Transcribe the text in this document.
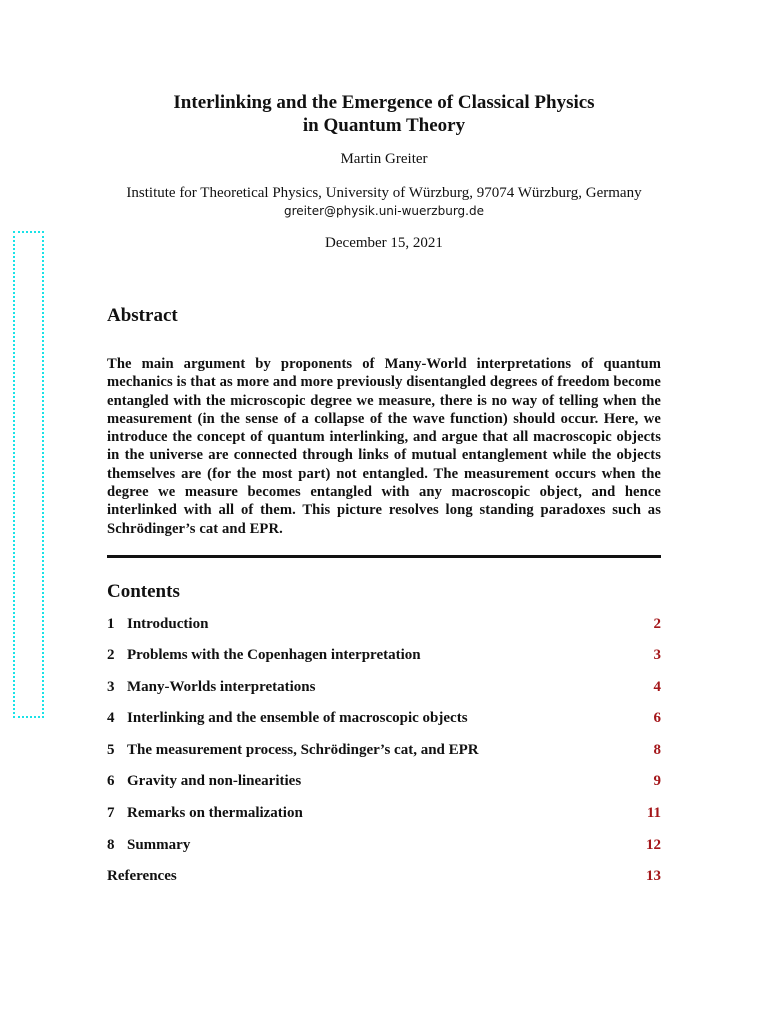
Interlinking and the Emergence of Classical Physics
in Quantum Theory
Martin Greiter
Institute for Theoretical Physics, University of Würzburg, 97074 Würzburg, Germany
greiter@physik.uni-wuerzburg.de
December 15, 2021
Abstract
The main argument by proponents of Many-World interpretations of quantum mechanics is that as more and more previously disentangled degrees of freedom become entangled with the microscopic degree we measure, there is no way of telling when the measurement (in the sense of a collapse of the wave function) should occur. Here, we introduce the concept of quantum interlinking, and argue that all macroscopic objects in the universe are connected through links of mutual entanglement while the objects themselves are (for the most part) not entangled. The measurement occurs when the degree we measure becomes entangled with any macroscopic object, and hence interlinked with all of them. This picture resolves long standing paradoxes such as Schrödinger’s cat and EPR.
Contents
1 Introduction	2
2 Problems with the Copenhagen interpretation	3
3 Many-Worlds interpretations	4
4 Interlinking and the ensemble of macroscopic objects	6
5 The measurement process, Schrödinger’s cat, and EPR	8
6 Gravity and non-linearities	9
7 Remarks on thermalization	11
8 Summary	12
References	13
